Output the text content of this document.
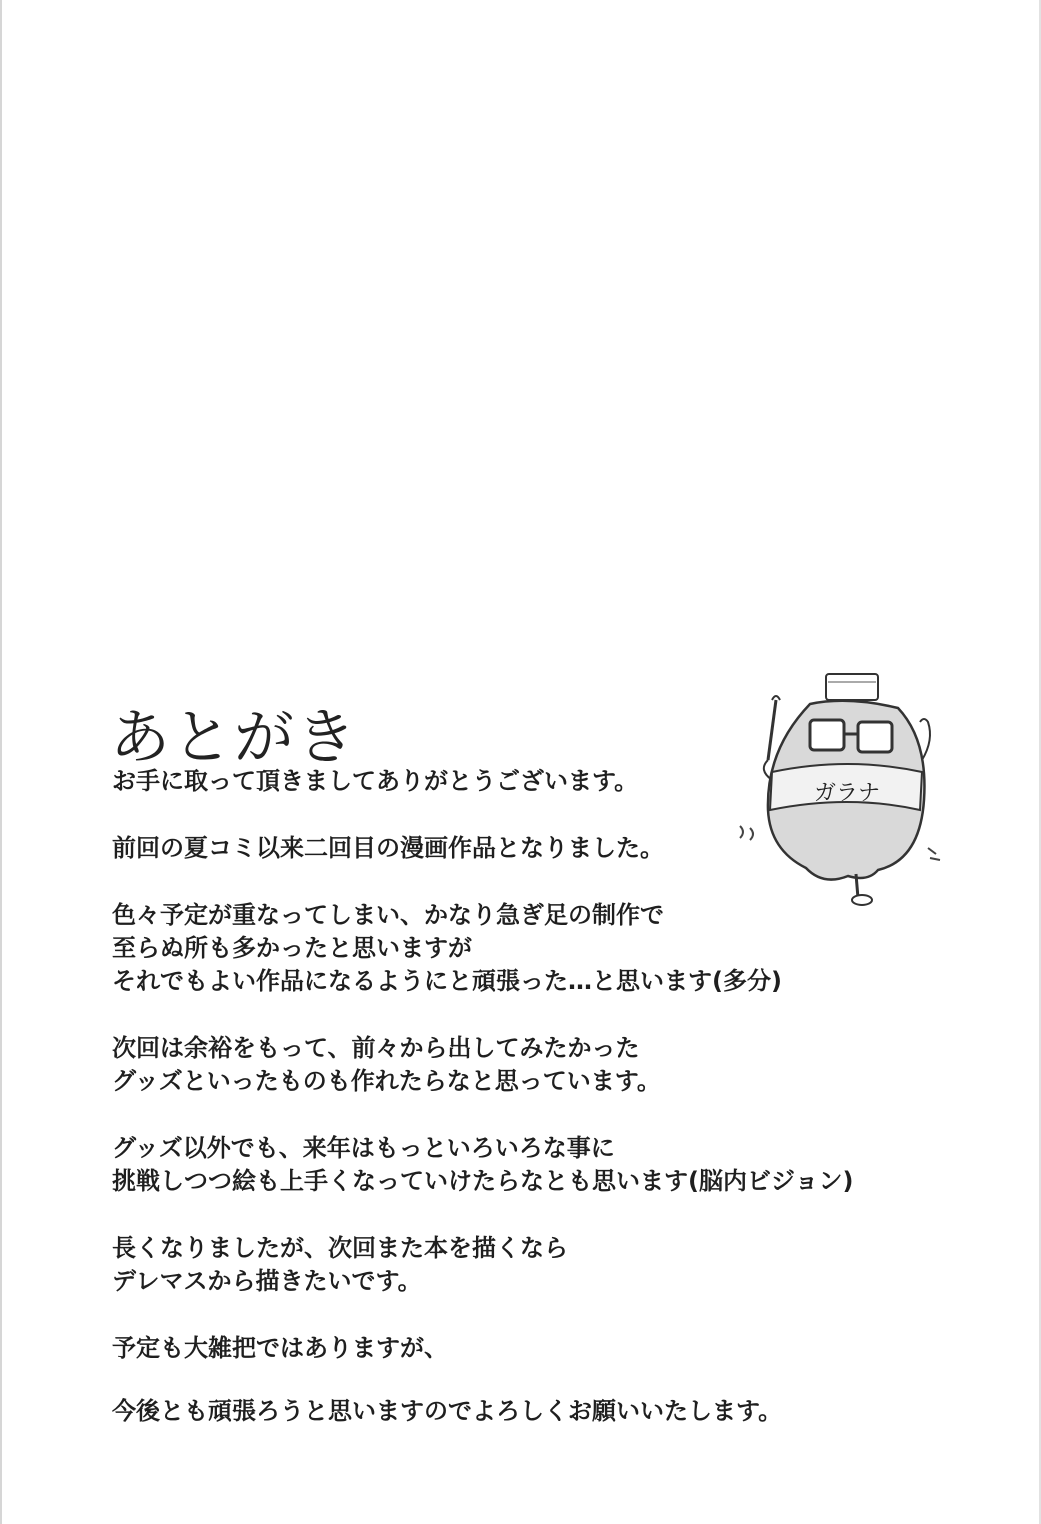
あとがき
ガラナ
お手に取って頂きましてありがとうございます。
前回の夏コミ以来二回目の漫画作品となりました。
色々予定が重なってしまい、かなり急ぎ足の制作で
至らぬ所も多かったと思いますが
それでもよい作品になるようにと頑張った…と思います(多分)
次回は余裕をもって、前々から出してみたかった
グッズといったものも作れたらなと思っています。
グッズ以外でも、来年はもっといろいろな事に
挑戦しつつ絵も上手くなっていけたらなとも思います(脳内ビジョン)
長くなりましたが、次回また本を描くなら
デレマスから描きたいです。
予定も大雑把ではありますが、
今後とも頑張ろうと思いますのでよろしくお願いいたします。
